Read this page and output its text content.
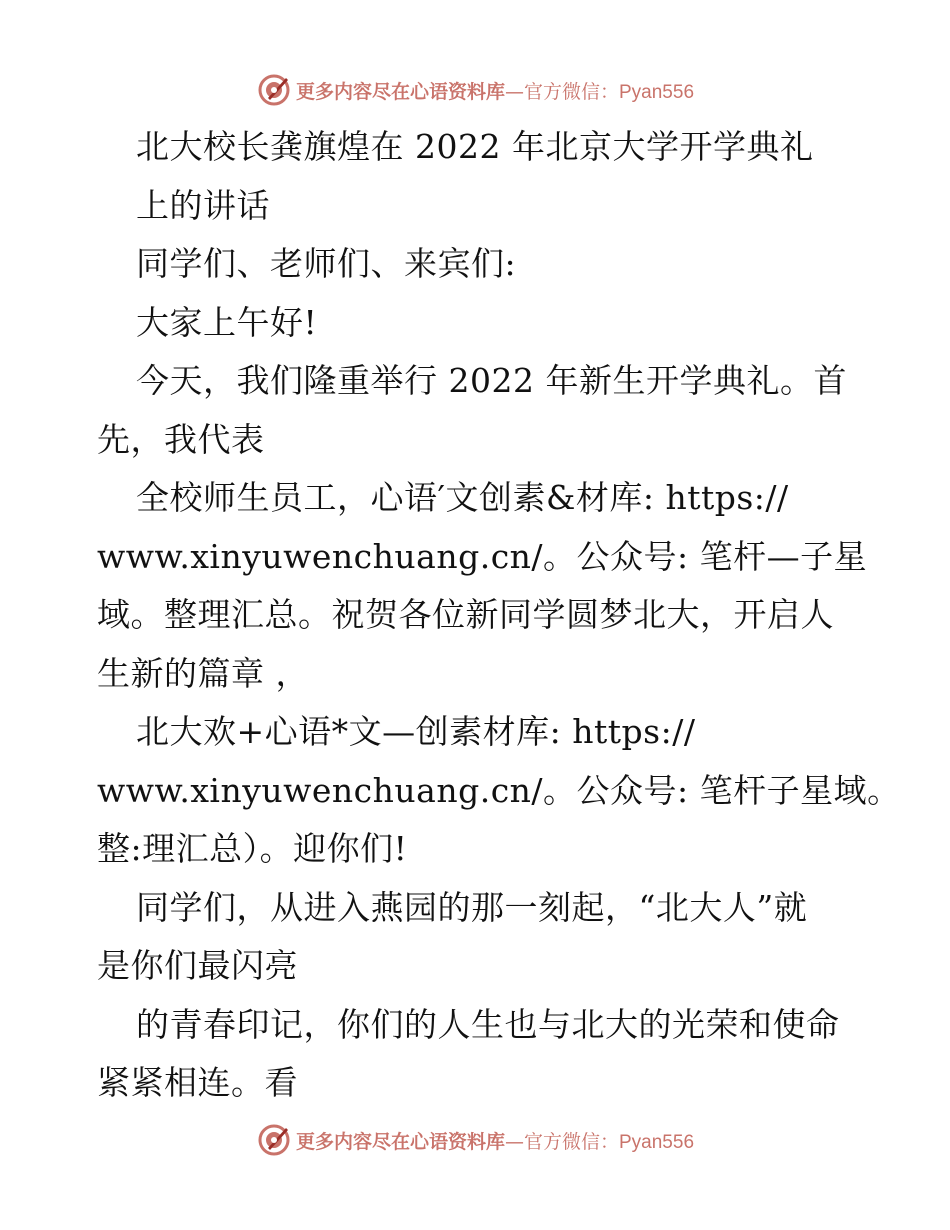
更多内容尽在心语资料库—官方微信：Pyan556
北大校长龚旗煌在 2022 年北京大学开学典礼
上的讲话
同学们、老师们、来宾们:
大家上午好!
今天，我们隆重举行 2022 年新生开学典礼。首
先，我代表
全校师生员工，心语′文创素&材库: https://
www.xinyuwenchuang.cn/。公众号: 笔杆—子星
域。整理汇总。祝贺各位新同学圆梦北大，开启人
生新的篇章 ，
北大欢+心语*文—创素材库: https://
www.xinyuwenchuang.cn/。公众号: 笔杆子星域。
整:理汇总）。迎你们!
同学们，从进入燕园的那一刻起，“北大人”就
是你们最闪亮
的青春印记，你们的人生也与北大的光荣和使命
紧紧相连。看
更多内容尽在心语资料库—官方微信：Pyan556
